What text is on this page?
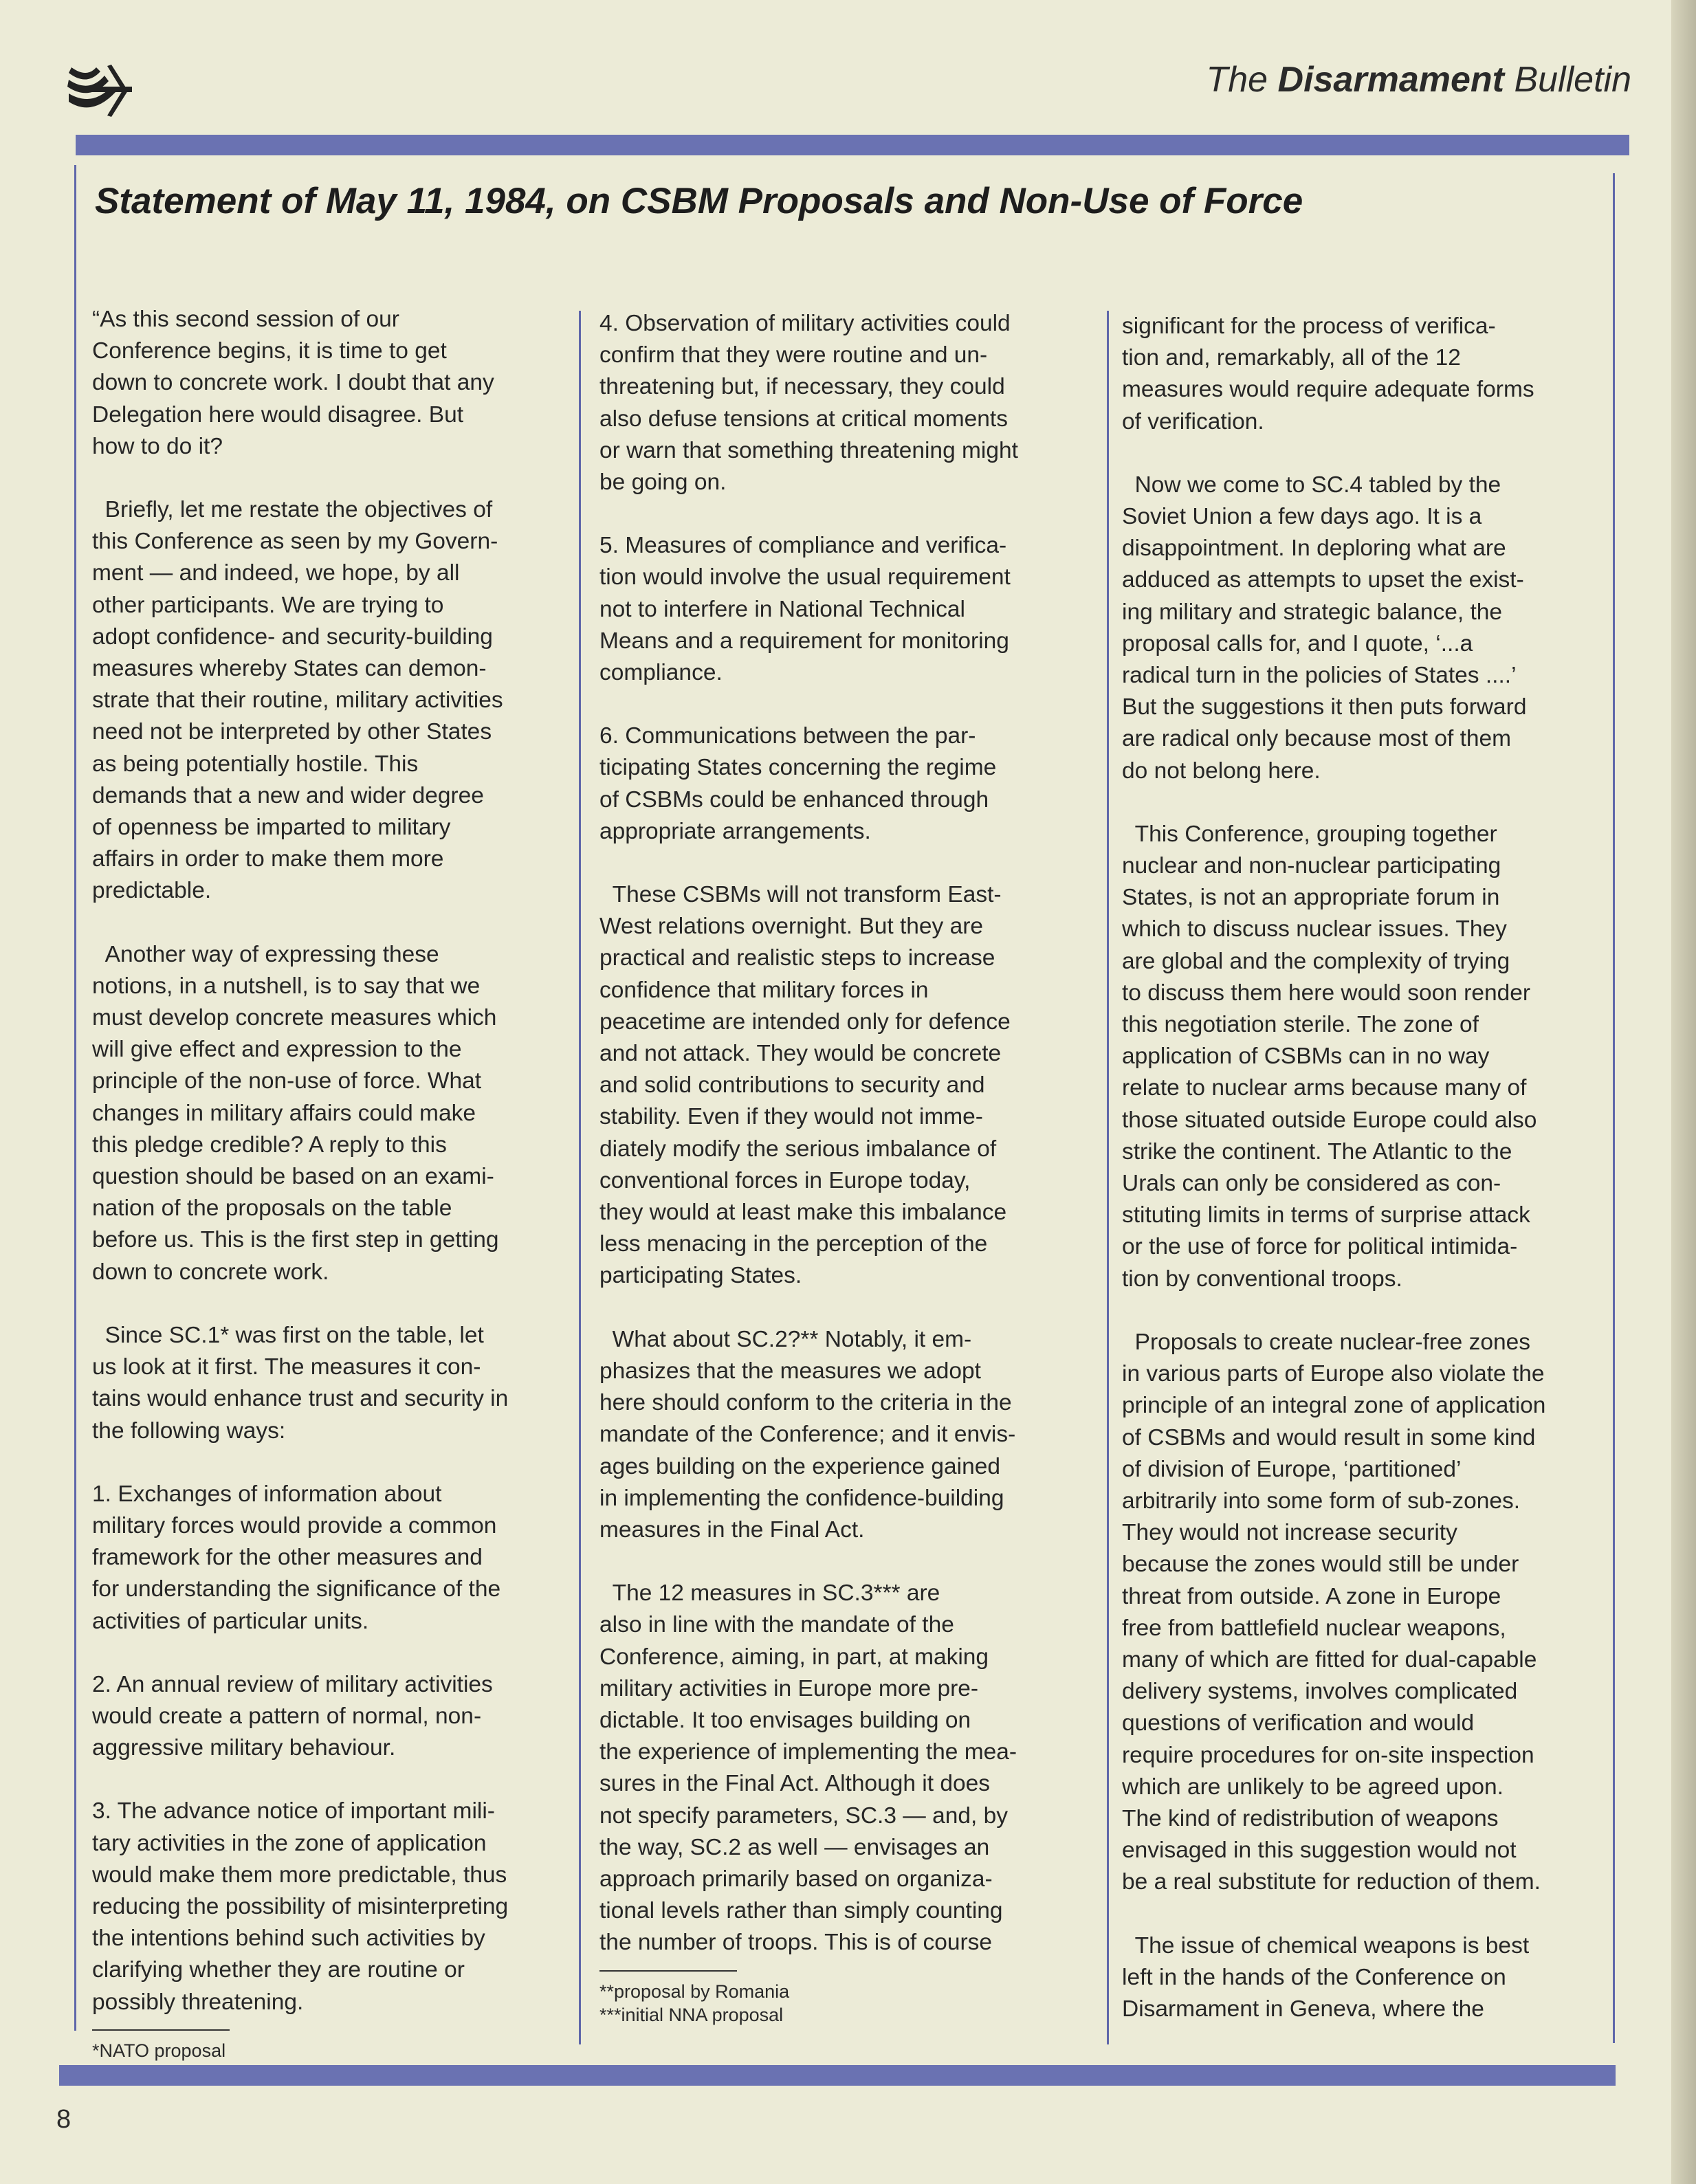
The Disarmament Bulletin
Statement of May 11, 1984, on CSBM Proposals and Non-Use of Force

“As this second session of our

Conference begins, it is time to get

down to concrete work. I doubt that any

Delegation here would disagree. But

how to do it?

Briefly, let me restate the objectives of

this Conference as seen by my Govern-

ment — and indeed, we hope, by all

other participants. We are trying to

adopt confidence- and security-building

measures whereby States can demon-

strate that their routine, military activities

need not be interpreted by other States

as being potentially hostile. This

demands that a new and wider degree

of openness be imparted to military

affairs in order to make them more

predictable.

Another way of expressing these

notions, in a nutshell, is to say that we

must develop concrete measures which

will give effect and expression to the

principle of the non-use of force. What

changes in military affairs could make

this pledge credible? A reply to this

question should be based on an exami-

nation of the proposals on the table

before us. This is the first step in getting

down to concrete work.

Since SC.1* was first on the table, let

us look at it first. The measures it con-

tains would enhance trust and security in

the following ways:

1. Exchanges of information about

military forces would provide a common

framework for the other measures and

for understanding the significance of the

activities of particular units.

2. An annual review of military activities

would create a pattern of normal, non-

aggressive military behaviour.

3. The advance notice of important mili-

tary activities in the zone of application

would make them more predictable, thus

reducing the possibility of misinterpreting

the intentions behind such activities by

clarifying whether they are routine or

possibly threatening.

*NATO proposal

4. Observation of military activities could

confirm that they were routine and un-

threatening but, if necessary, they could

also defuse tensions at critical moments

or warn that something threatening might

be going on.

5. Measures of compliance and verifica-

tion would involve the usual requirement

not to interfere in National Technical

Means and a requirement for monitoring

compliance.

6. Communications between the par-

ticipating States concerning the regime

of CSBMs could be enhanced through

appropriate arrangements.

These CSBMs will not transform East-

West relations overnight. But they are

practical and realistic steps to increase

confidence that military forces in

peacetime are intended only for defence

and not attack. They would be concrete

and solid contributions to security and

stability. Even if they would not imme-

diately modify the serious imbalance of

conventional forces in Europe today,

they would at least make this imbalance

less menacing in the perception of the

participating States.

What about SC.2?** Notably, it em-

phasizes that the measures we adopt

here should conform to the criteria in the

mandate of the Conference; and it envis-

ages building on the experience gained

in implementing the confidence-building

measures in the Final Act.

The 12 measures in SC.3*** are

also in line with the mandate of the

Conference, aiming, in part, at making

military activities in Europe more pre-

dictable. It too envisages building on

the experience of implementing the mea-

sures in the Final Act. Although it does

not specify parameters, SC.3 — and, by

the way, SC.2 as well — envisages an

approach primarily based on organiza-

tional levels rather than simply counting

the number of troops. This is of course

**proposal by Romania
***initial NNA proposal

significant for the process of verifica-

tion and, remarkably, all of the 12

measures would require adequate forms

of verification.

Now we come to SC.4 tabled by the

Soviet Union a few days ago. It is a

disappointment. In deploring what are

adduced as attempts to upset the exist-

ing military and strategic balance, the

proposal calls for, and I quote, ‘...a

radical turn in the policies of States ....’

But the suggestions it then puts forward

are radical only because most of them

do not belong here.

This Conference, grouping together

nuclear and non-nuclear participating

States, is not an appropriate forum in

which to discuss nuclear issues. They

are global and the complexity of trying

to discuss them here would soon render

this negotiation sterile. The zone of

application of CSBMs can in no way

relate to nuclear arms because many of

those situated outside Europe could also

strike the continent. The Atlantic to the

Urals can only be considered as con-

stituting limits in terms of surprise attack

or the use of force for political intimida-

tion by conventional troops.

Proposals to create nuclear-free zones

in various parts of Europe also violate the

principle of an integral zone of application

of CSBMs and would result in some kind

of division of Europe, ‘partitioned’

arbitrarily into some form of sub-zones.

They would not increase security

because the zones would still be under

threat from outside. A zone in Europe

free from battlefield nuclear weapons,

many of which are fitted for dual-capable

delivery systems, involves complicated

questions of verification and would

require procedures for on-site inspection

which are unlikely to be agreed upon.

The kind of redistribution of weapons

envisaged in this suggestion would not

be a real substitute for reduction of them.

The issue of chemical weapons is best

left in the hands of the Conference on

Disarmament in Geneva, where the

8
